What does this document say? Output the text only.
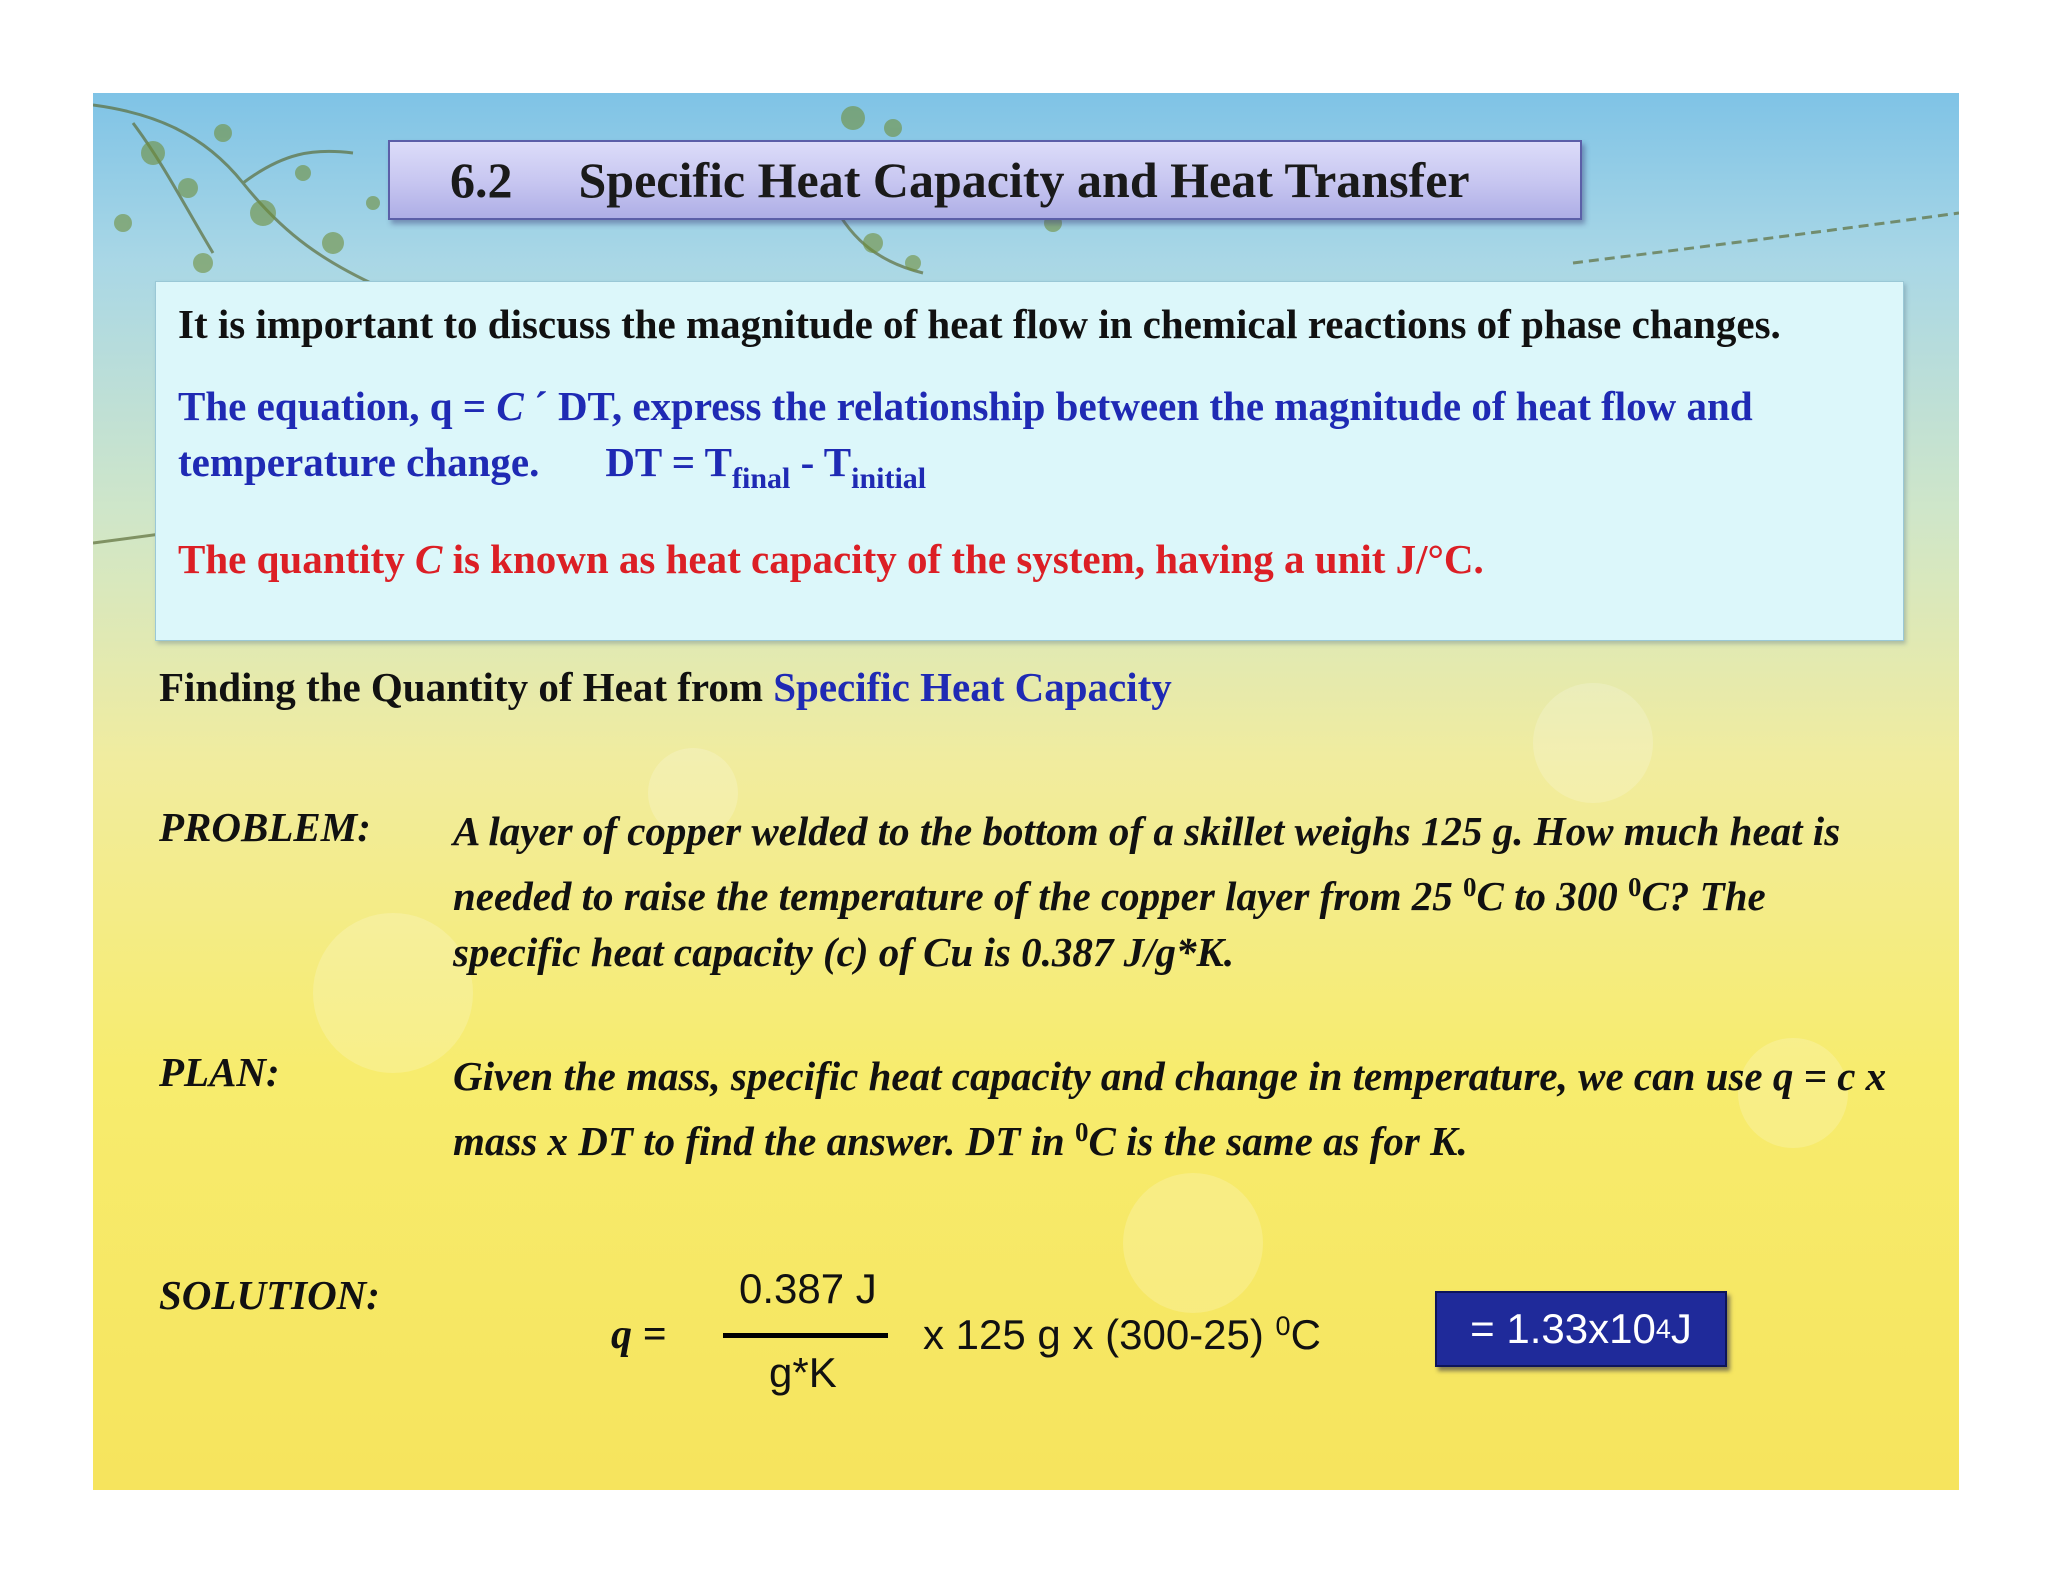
6.2 Specific Heat Capacity and Heat Transfer

It is important to discuss the magnitude of heat flow in chemical reactions of phase changes.

The equation, q = C ´ DT, express the relationship between the magnitude of heat flow and temperature change. DT = $T_{final} - T_{initial}$

The quantity C is known as heat capacity of the system, having a unit J/°C.

Finding the Quantity of Heat from Specific Heat Capacity
PROBLEM: A layer of copper welded to the bottom of a skillet weighs 125 g. How much heat is needed to raise the temperature of the copper layer from 25 $^0$C to 300 $^0$C? The specific heat capacity (c) of Cu is 0.387 J/g*K.
PLAN:	Given the mass, specific heat capacity and change in temperature, we can use q = c x mass x DT to find the answer. DT in $^0$C is the same as for K.
SOLUTION:
q =
0.387 J
g*K
x 125 g x (300-25) $^0$C	= 1.33x10 4 J
